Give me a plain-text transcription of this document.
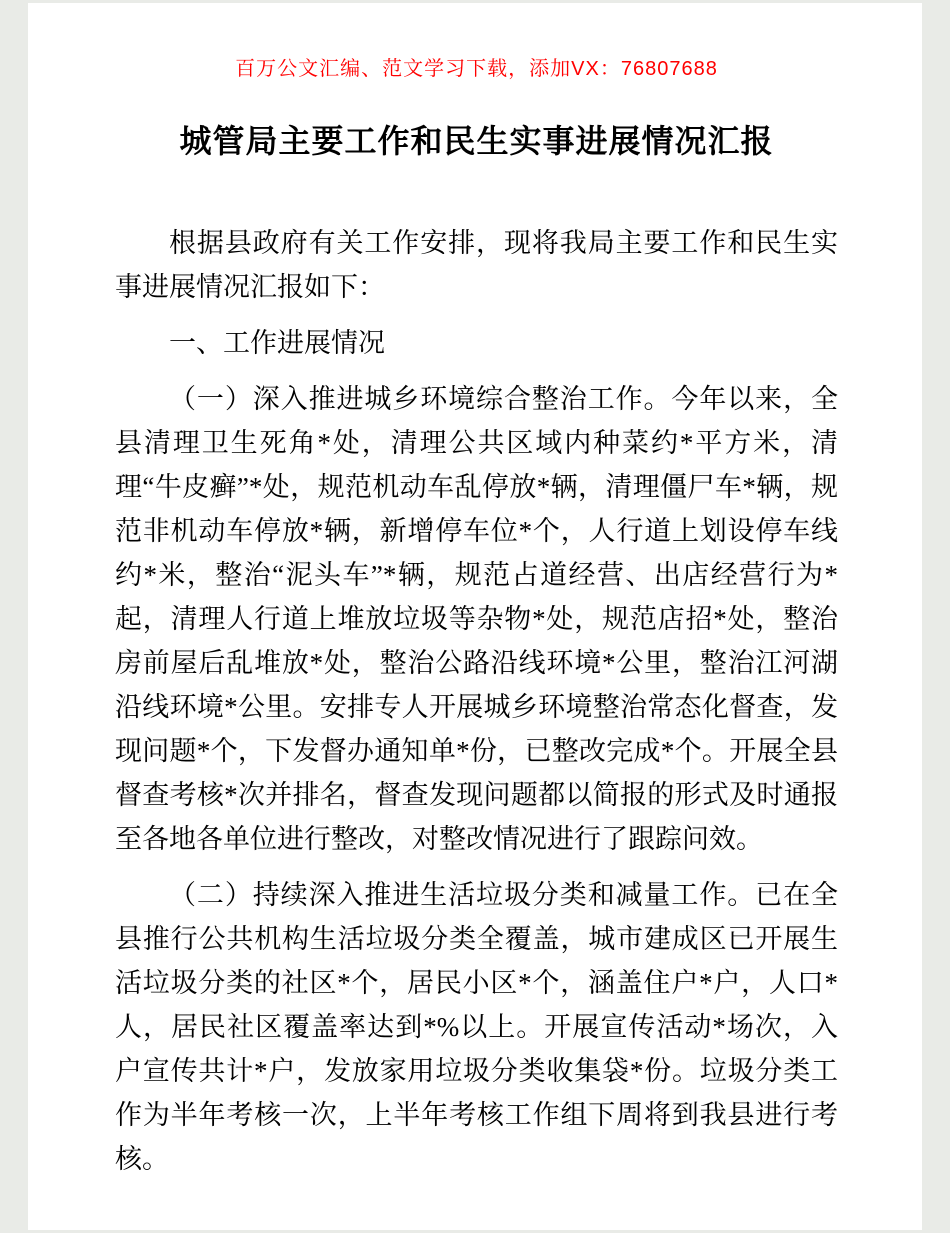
百万公文汇编、范文学习下载，添加VX：76807688
城管局主要工作和民生实事进展情况汇报

根据县政府有关工作安排，现将我局主要工作和民生实事进展情况汇报如下：

一、工作进展情况

（一）深入推进城乡环境综合整治工作。今年以来，全县清理卫生死角*处，清理公共区域内种菜约*平方米，清理“牛皮癣”*处，规范机动车乱停放*辆，清理僵尸车*辆，规范非机动车停放*辆，新增停车位*个，人行道上划设停车线约*米，整治“泥头车”*辆，规范占道经营、出店经营行为*起，清理人行道上堆放垃圾等杂物*处，规范店招*处，整治房前屋后乱堆放*处，整治公路沿线环境*公里，整治江河湖沿线环境*公里。安排专人开展城乡环境整治常态化督查，发现问题*个，下发督办通知单*份，已整改完成*个。开展全县督查考核*次并排名，督查发现问题都以简报的形式及时通报至各地各单位进行整改，对整改情况进行了跟踪问效。

（二）持续深入推进生活垃圾分类和减量工作。已在全县推行公共机构生活垃圾分类全覆盖，城市建成区已开展生活垃圾分类的社区*个，居民小区*个，涵盖住户*户，人口*人，居民社区覆盖率达到*%以上。开展宣传活动*场次，入户宣传共计*户，发放家用垃圾分类收集袋*份。垃圾分类工作为半年考核一次，上半年考核工作组下周将到我县进行考核。
